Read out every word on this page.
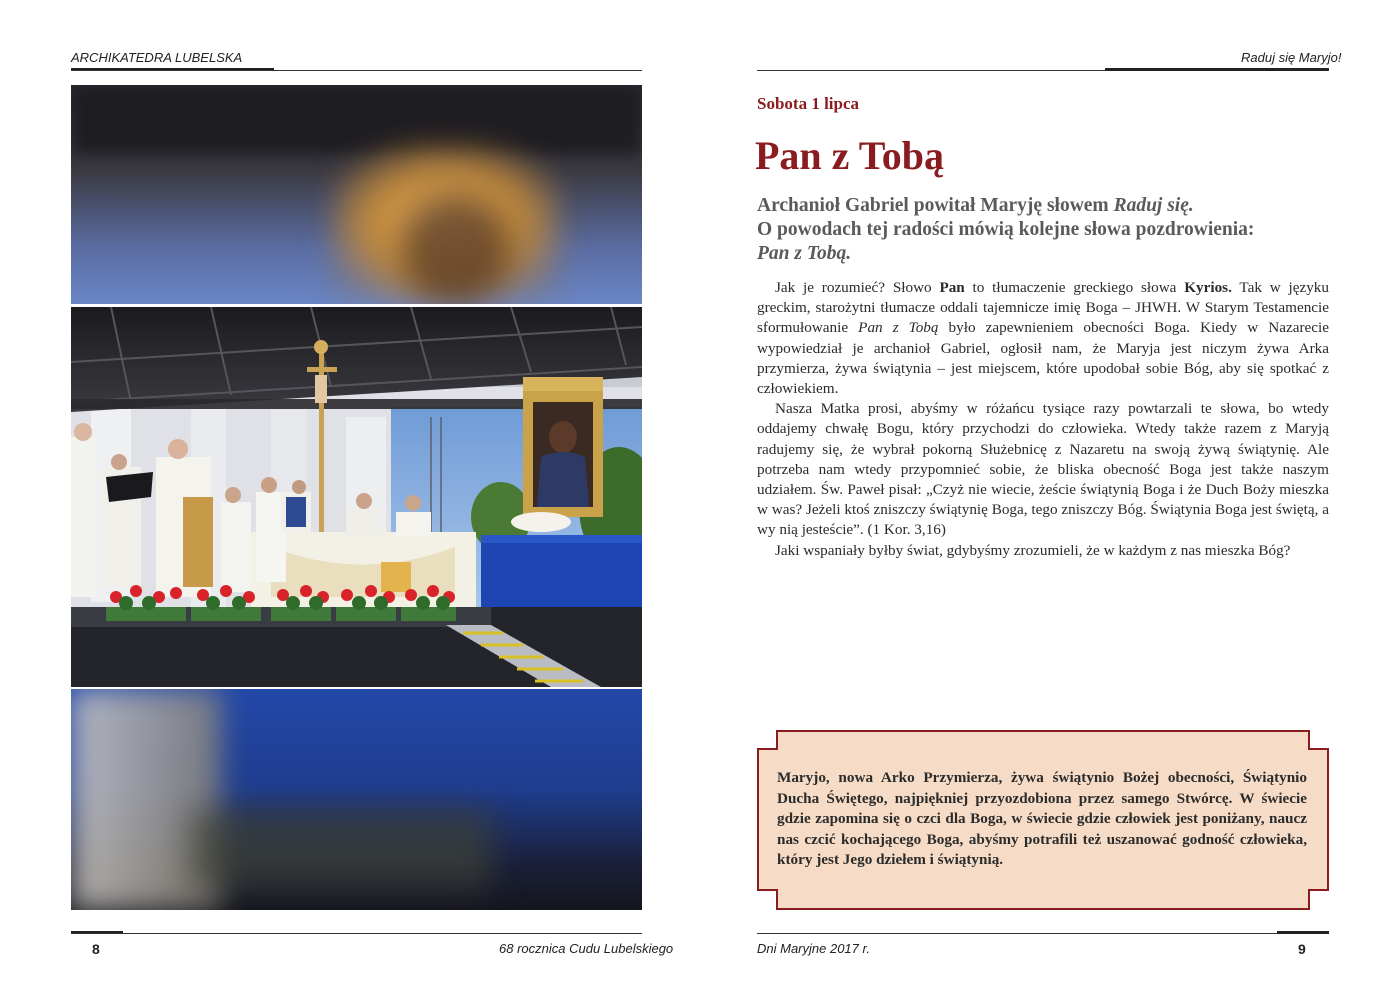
ARCHIKATEDRA LUBELSKA
8	68 rocznica Cudu Lubelskiego
Raduj się Maryjo!
Sobota 1 lipca
Pan z Tobą
Archanioł Gabriel powitał Maryję słowem Raduj się.
O powodach tej radości mówią kolejne słowa pozdrowienia:
Pan z Tobą.

Jak je rozumieć? Słowo Pan to tłumaczenie greckiego słowa Kyrios. Tak w języku greckim, starożytni tłumacze oddali tajemnicze imię Boga – JHWH. W Starym Testamencie sformułowanie Pan z Tobą było zapewnieniem obecności Boga. Kiedy w Nazarecie wypowiedział je archanioł Gabriel, ogłosił nam, że Maryja jest niczym żywa Arka przymierza, żywa świątynia – jest miejscem, które upodobał sobie Bóg, aby się spotkać z człowiekiem.

Nasza Matka prosi, abyśmy w różańcu tysiące razy powtarzali te słowa, bo wtedy oddajemy chwałę Bogu, który przychodzi do człowieka. Wtedy także razem z Maryją radujemy się, że wybrał pokorną Służebnicę z Nazaretu na swoją żywą świątynię. Ale potrzeba nam wtedy przypomnieć sobie, że bliska obecność Boga jest także naszym udziałem. Św. Paweł pisał: „Czyż nie wiecie, żeście świątynią Boga i że Duch Boży mieszka w was? Jeżeli ktoś zniszczy świątynię Boga, tego zniszczy Bóg. Świątynia Boga jest świętą, a wy nią jesteście”. (1 Kor. 3,16)

Jaki wspaniały byłby świat, gdybyśmy zrozumieli, że w każdym z nas mieszka Bóg?

Maryjo, nowa Arko Przymierza, żywa świątynio Bożej obecności, Świątynio Ducha Świętego, najpiękniej przyozdobiona przez samego Stwórcę. W świecie gdzie zapomina się o czci dla Boga, w świecie gdzie człowiek jest poniżany, naucz nas czcić kochającego Boga, abyśmy potrafili też uszanować godność człowieka, który jest Jego dziełem i świątynią.
Dni Maryjne 2017 r.	9
